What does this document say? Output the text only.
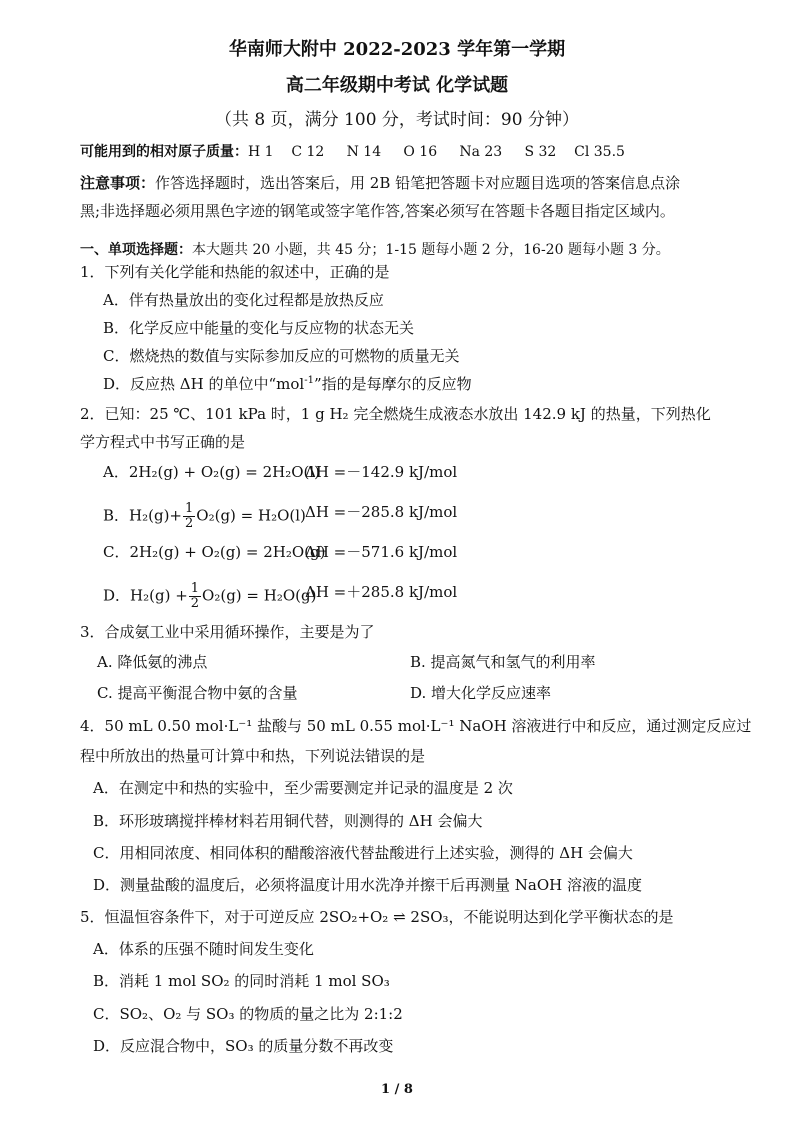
华南师大附中 2022-2023 学年第一学期
高二年级期中考试 化学试题
（共 8 页，满分 100 分，考试时间：90 分钟）
可能用到的相对原子质量：H 1    C 12     N 14     O 16     Na 23     S 32    Cl 35.5
注意事项：作答选择题时，选出答案后，用 2B 铅笔把答题卡对应题目选项的答案信息点涂
黑;非选择题必须用黑色字迹的钢笔或签字笔作答,答案必须写在答题卡各题目指定区域内。
一、单项选择题：本大题共 20 小题，共 45 分；1-15 题每小题 2 分，16-20 题每小题 3 分。
1．下列有关化学能和热能的叙述中，正确的是
A．伴有热量放出的变化过程都是放热反应
B．化学反应中能量的变化与反应物的状态无关
C．燃烧热的数值与实际参加反应的可燃物的质量无关
D．反应热 ΔH 的单位中“mol$^{-1}$”指的是每摩尔的反应物
2．已知：25 ℃、101 kPa 时，1 g H₂ 完全燃烧生成液态水放出 142.9 kJ 的热量，下列热化
学方程式中书写正确的是
A．2H₂(g) + O₂(g) = 2H₂O(l)
ΔH =－142.9 kJ/mol
B．$H_2(g)+ \frac{1}{2} O_2(g) = H_2O(l)$ ΔH =－285.8 kJ/mol
C．2H₂(g) + O₂(g) = 2H₂O(g)
ΔH =－571.6 kJ/mol
D．$H_2(g) + \frac{1}{2} O_2(g) = H_2O(g)$
ΔH =＋285.8 kJ/mol
3．合成氨工业中采用循环操作，主要是为了
A. 降低氨的沸点	B. 提高氮气和氢气的利用率
C. 提高平衡混合物中氨的含量	D. 增大化学反应速率
4．50 mL 0.50 mol·L⁻¹ 盐酸与 50 mL 0.55 mol·L⁻¹ NaOH 溶液进行中和反应，通过测定反应过
程中所放出的热量可计算中和热，下列说法错误的是
A．在测定中和热的实验中，至少需要测定并记录的温度是 2 次
B．环形玻璃搅拌棒材料若用铜代替，则测得的 ΔH 会偏大
C．用相同浓度、相同体积的醋酸溶液代替盐酸进行上述实验，测得的 ΔH 会偏大
D．测量盐酸的温度后，必须将温度计用水洗净并擦干后再测量 NaOH 溶液的温度
5．恒温恒容条件下，对于可逆反应 2SO₂+O₂ ⇌ 2SO₃，不能说明达到化学平衡状态的是
A．体系的压强不随时间发生变化
B．消耗 1 mol SO₂ 的同时消耗 1 mol SO₃
C．SO₂、O₂ 与 SO₃ 的物质的量之比为 2:1:2
D．反应混合物中，SO₃ 的质量分数不再改变
1 / 8
